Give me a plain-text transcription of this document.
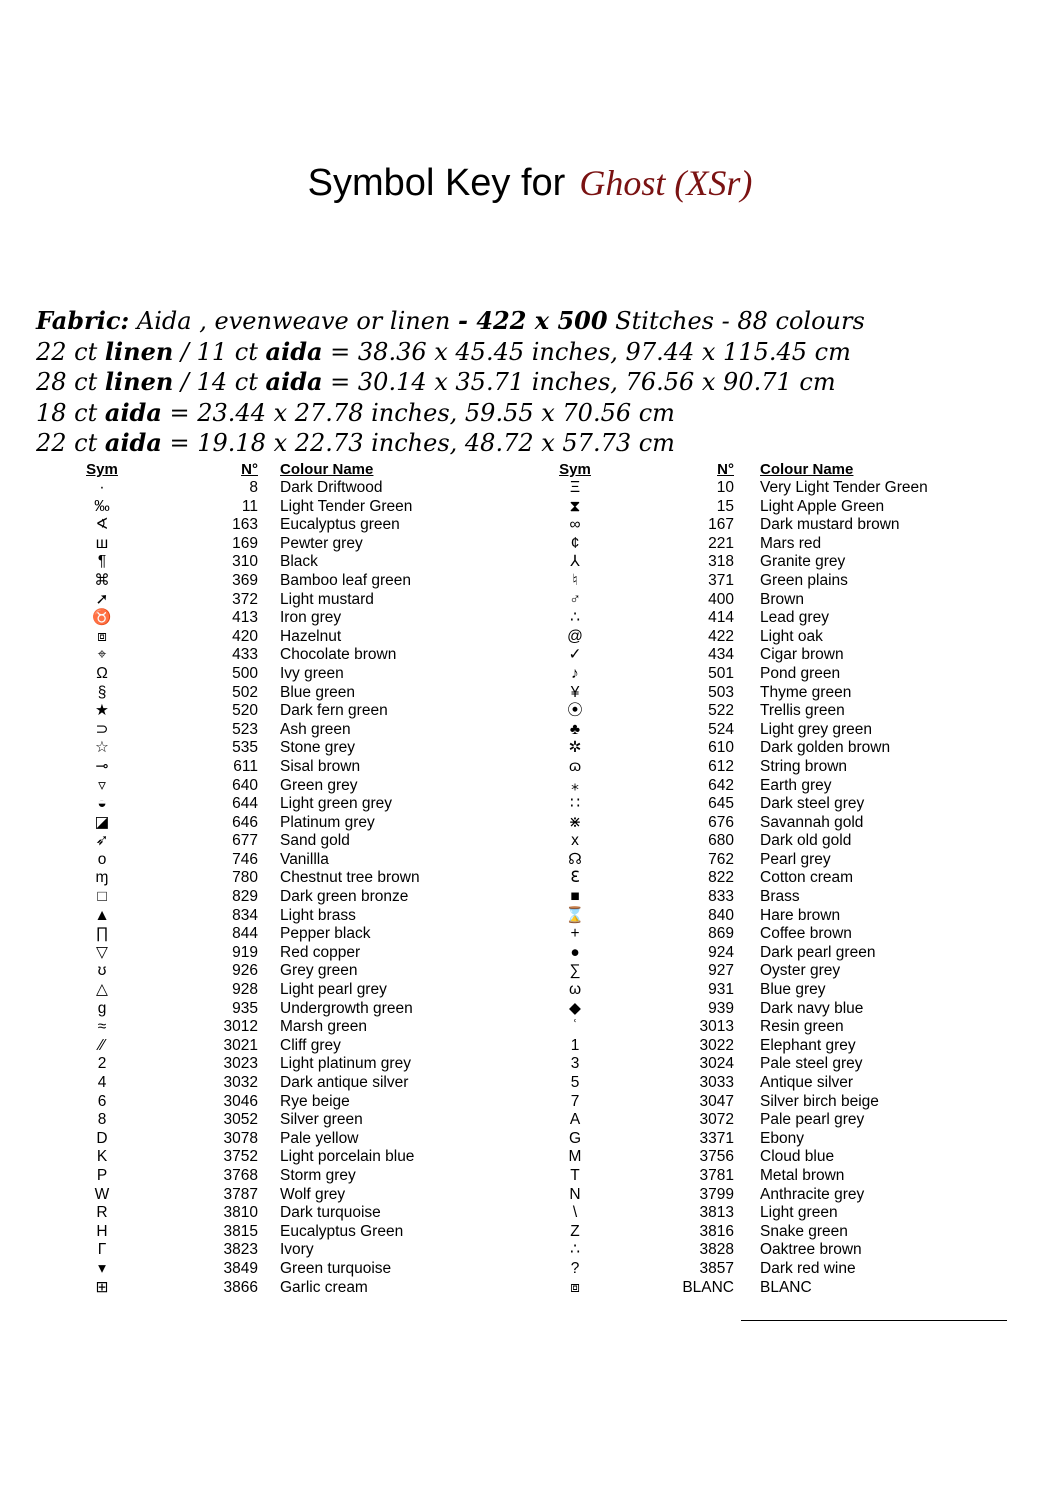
Symbol Key for Ghost (XSr)
Fabric: Aida , evenweave or linen - 422 x 500 Stitches - 88 colours
22 ct linen / 11 ct aida = 38.36 x 45.45 inches, 97.44 x 115.45 cm
28 ct linen / 14 ct aida = 30.14 x 35.71 inches, 76.56 x 90.71 cm
18 ct aida = 23.44 x 27.78 inches, 59.55 x 70.56 cm
22 ct aida = 19.18 x 22.73 inches, 48.72 x 57.73 cm
Sym	N° Colour Name
·	8 Dark Driftwood
‰	11 Light Tender Green
∢	163 Eucalyptus green
ш	169 Pewter grey
¶	310 Black
⌘	369 Bamboo leaf green
➚	372 Light mustard
♉	413 Iron grey
⧈	420 Hazelnut
⌖	433 Chocolate brown
Ω	500 Ivy green
§	502 Blue green
★	520 Dark fern green
⊃	523 Ash green
☆	535 Stone grey
⊸	611 Sisal brown
▿	640 Green grey
◒	644 Light green grey
◪	646 Platinum grey
➶	677 Sand gold
o	746 Vanillla
ɱ	780 Chestnut tree brown
□	829 Dark green bronze
▲	834 Light brass
∏	844 Pepper black
▽	919 Red copper
ʊ	926 Grey green
△	928 Light pearl grey
g	935 Undergrowth green
≈	3012 Marsh green
⁄⁄	3021 Cliff grey
2	3023 Light platinum grey
4	3032 Dark antique silver
6	3046 Rye beige
8	3052 Silver green
D	3078 Pale yellow
K	3752 Light porcelain blue
P	3768 Storm grey
W	3787 Wolf grey
R	3810 Dark turquoise
H	3815 Eucalyptus Green
Γ	3823 Ivory
▾	3849 Green turquoise
⊞	3866 Garlic cream
Sym	N° Colour Name
Ξ	10 Very Light Tender Green
⧗	15 Light Apple Green
∞	167 Dark mustard brown
¢	221 Mars red
⅄	318 Granite grey
♮	371 Green plains
♂	400 Brown
∴	414 Lead grey
@	422 Light oak
✓	434 Cigar brown
♪	501 Pond green
¥	503 Thyme green
⦿	522 Trellis green
♣	524 Light grey green
✲	610 Dark golden brown
ɷ	612 String brown
⁎	642 Earth grey
∷	645 Dark steel grey
⋇	676 Savannah gold
x	680 Dark old gold
☊	762 Pearl grey
ℇ	822 Cotton cream
■	833 Brass
⌛	840 Hare brown
+	869 Coffee brown
●	924 Dark pearl green
∑	927 Oyster grey
ω	931 Blue grey
◆	939 Dark navy blue
ʿ	3013 Resin green
1	3022 Elephant grey
3	3024 Pale steel grey
5	3033 Antique silver
7	3047 Silver birch beige
A	3072 Pale pearl grey
G	3371 Ebony
M	3756 Cloud blue
T	3781 Metal brown
N	3799 Anthracite grey
\	3813 Light green
Z	3816 Snake green
∴	3828 Oaktree brown
?	3857 Dark red wine
⧈	BLANC BLANC
